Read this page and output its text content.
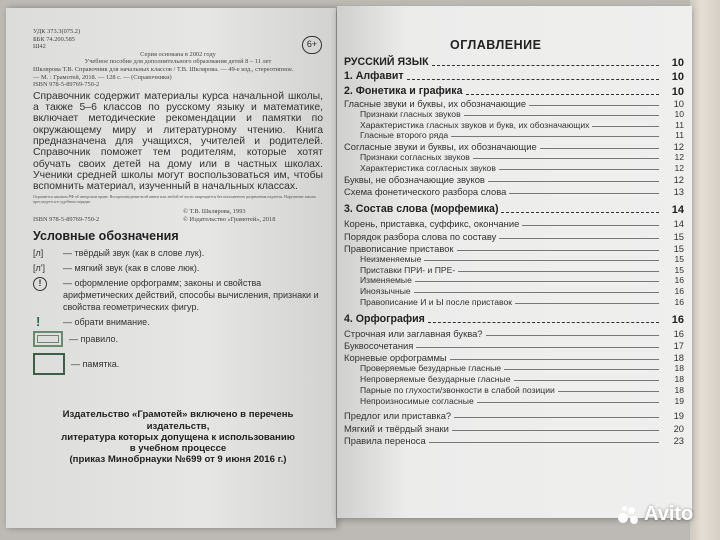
6+
УДК 373.3(075.2)
ББК 74.200.585
Ш42
Серия основана в 2002 году
Учебное пособие для дополнительного образования детей 8 – 11 лет
Шклярова Т.В. Справочник для начальных классов / Т.В. Шклярова. — 49-е изд., стереотипное.
— М. : Грамотей, 2018. — 128 с. — (Справочники)
ISBN 978-5-89769-750-2
Справочник содержит материалы курса начальной школы, а также 5–6 классов по русскому языку и математике, включает методические рекомендации и памятки по окружающему миру и литературному чтению. Книга предназначена для учащихся, учителей и родителей. Справочник поможет тем родителям, которые хотят обучать своих детей на дому или в частных школах. Ученики средней школы могут воспользоваться им, чтобы вспомнить материал, изученный в начальных классах.
Охраняется законом РФ об авторском праве. Воспроизведение всей книги или любой её части запрещается без письменного разрешения издателя. Нарушение закона преследуется в судебном порядке.
ISBN 978-5-89769-750-2
© Т.В. Шклярова, 1993
© Издательство «Грамотей», 2018
Условные обозначения
[л]	— твёрдый звук (как в слове лук).
[л']	— мягкий звук (как в слове люк).
!	— оформление орфограмм; законы и свойства арифметических действий, способы вычисления, признаки и свойства геометрических фигур.
!	— обрати внимание.
— правило.
— памятка.
Издательство «Грамотей» включено в перечень издательств,
литература которых допущена к использованию
в учебном процессе
(приказ Минобрнауки №699 от 9 июня 2016 г.)
ОГЛАВЛЕНИЕ
РУССКИЙ ЯЗЫК	10
1. Алфавит	10
2. Фонетика и графика	10
Гласные звуки и буквы, их обозначающие	10
Признаки гласных звуков	10
Характеристика гласных звуков и букв, их обозначающих	11
Гласные второго ряда	11
Согласные звуки и буквы, их обозначающие	12
Признаки согласных звуков	12
Характеристика согласных звуков	12
Буквы, не обозначающие звуков	12
Схема фонетического разбора слова	13
3. Состав слова (морфемика)	14
Корень, приставка, суффикс, окончание	14
Порядок разбора слова по составу	15
Правописание приставок	15
Неизменяемые	15
Приставки ПРИ- и ПРЕ-	15
Изменяемые	16
Иноязычные	16
Правописание И и Ы после приставок	16
4. Орфография	16
Строчная или заглавная буква?	16
Буквосочетания	17
Корневые орфограммы	18
Проверяемые безударные гласные	18
Непроверяемые безударные гласные	18
Парные по глухости/звонкости в слабой позиции	18
Непроизносимые согласные	19
Предлог или приставка?	19
Мягкий и твёрдый знаки	20
Правила переноса	23
Avito
